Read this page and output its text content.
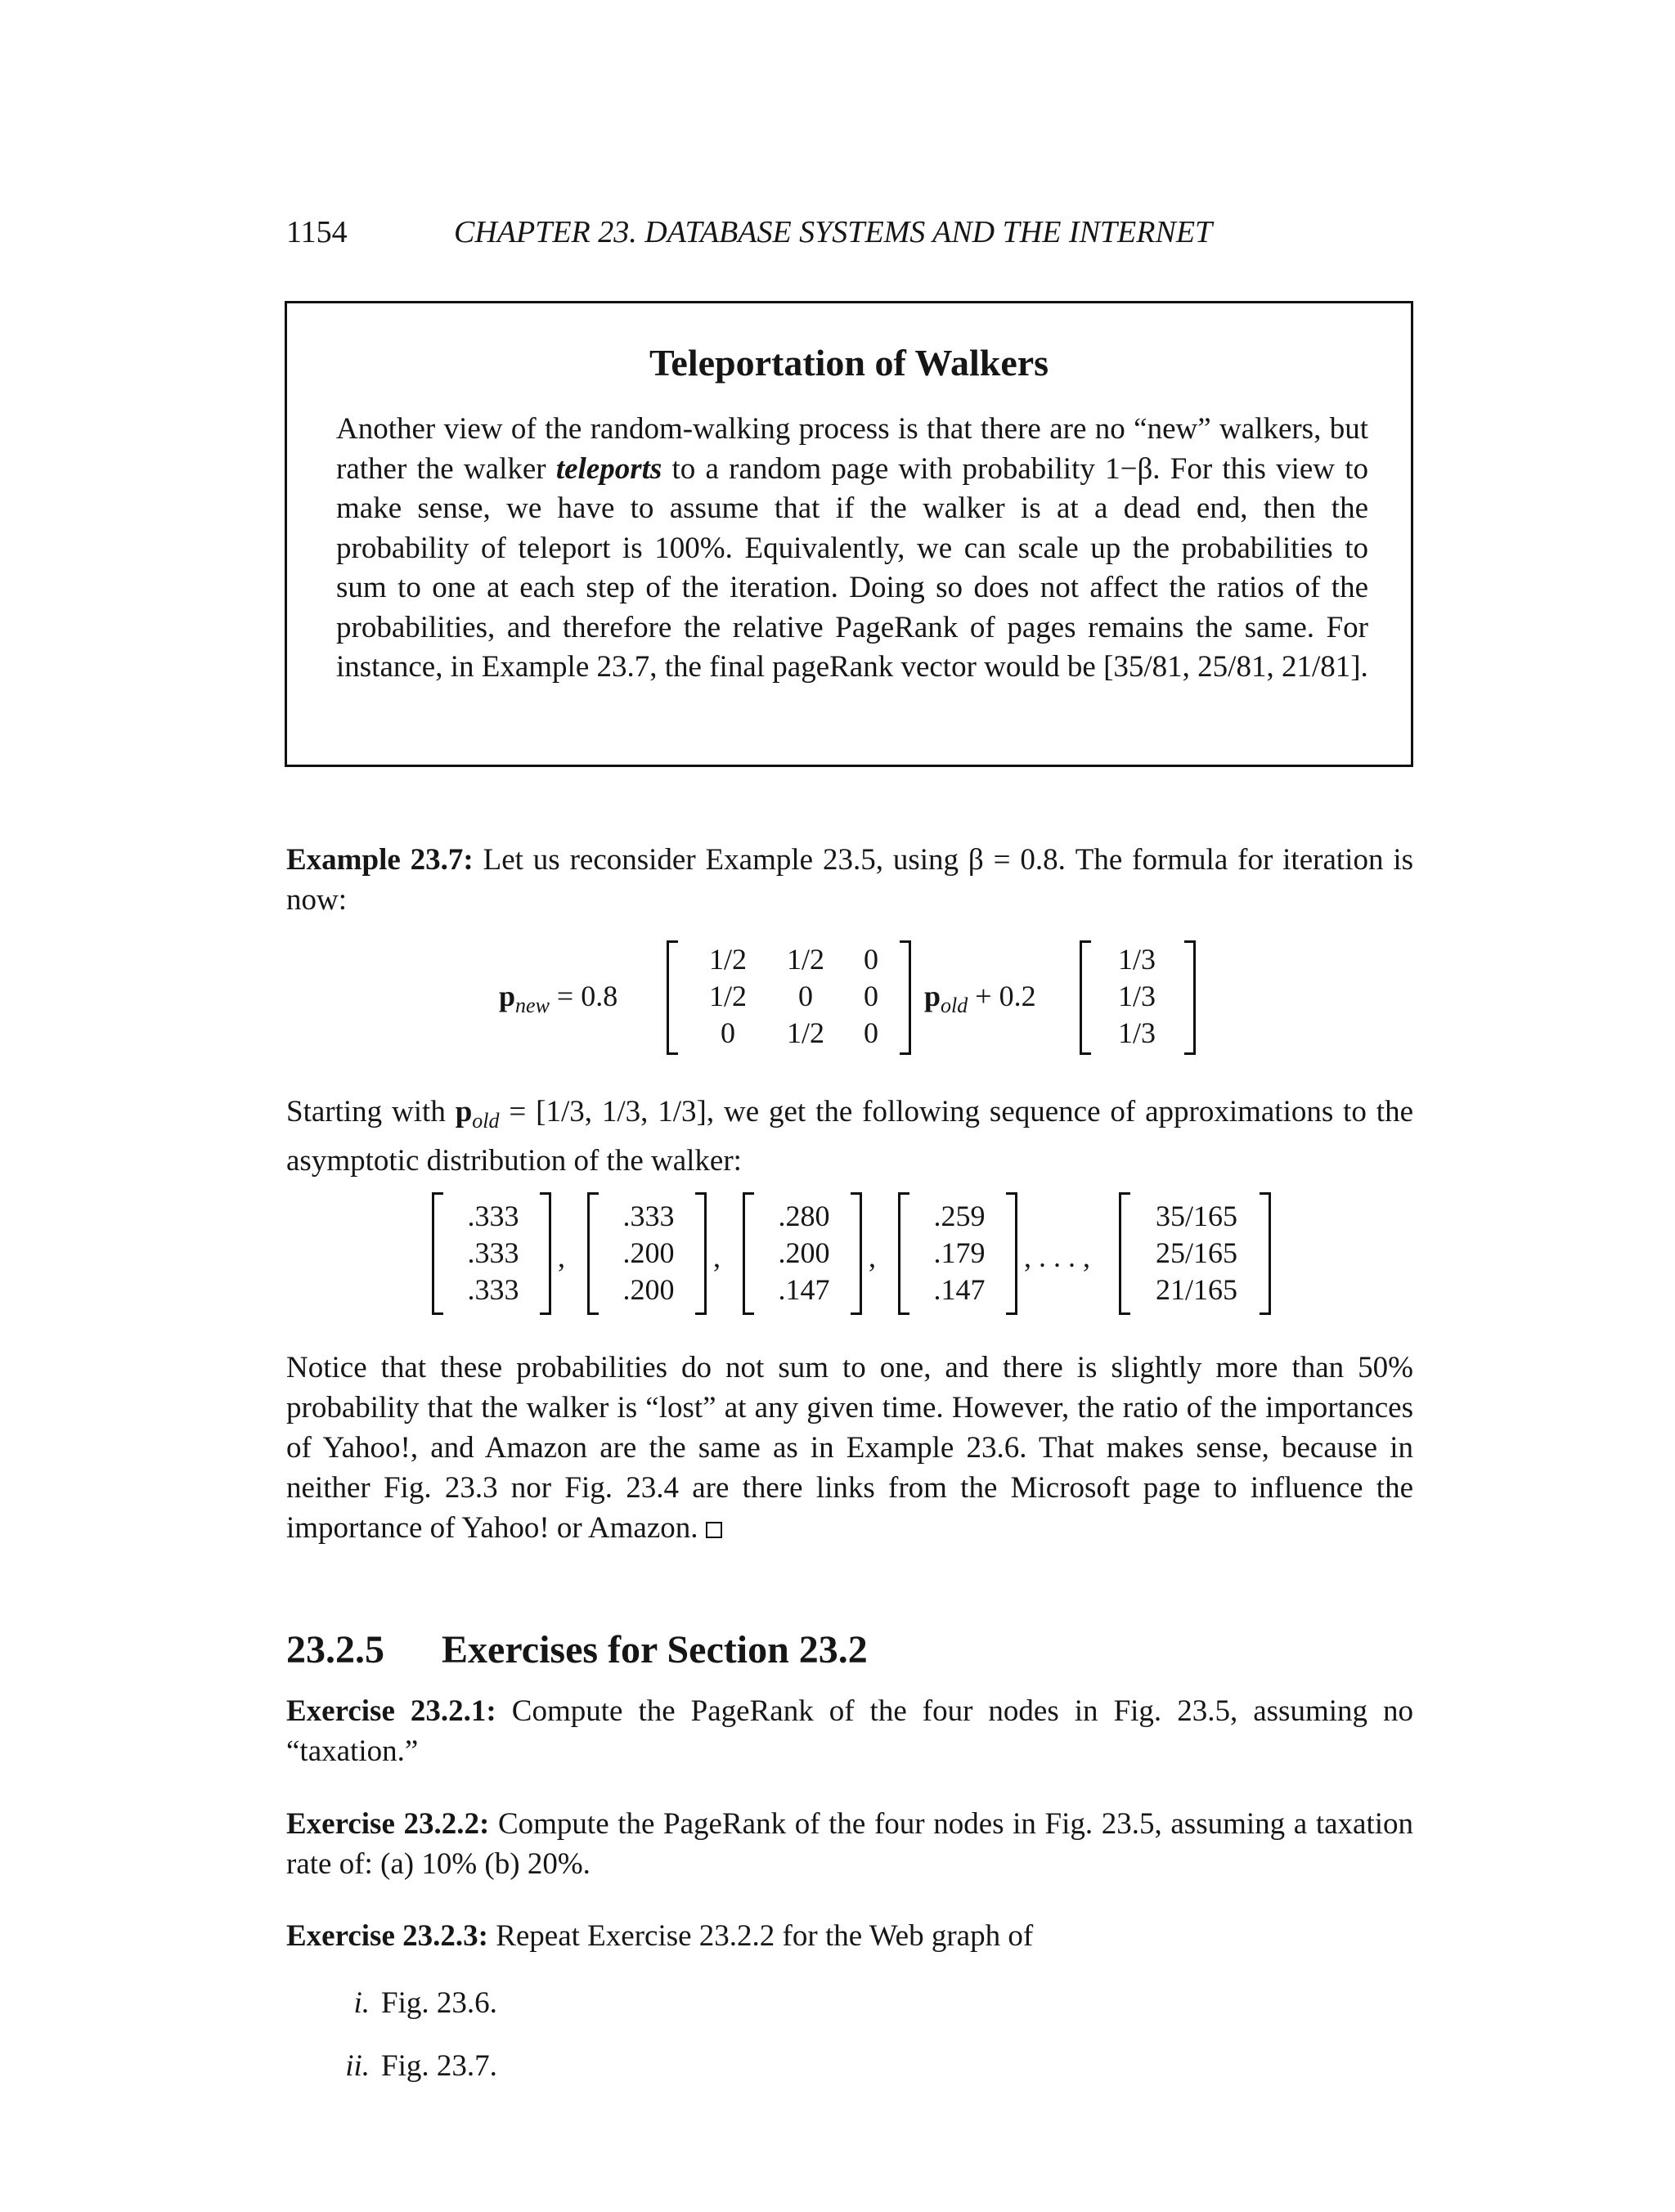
1154	CHAPTER 23. DATABASE SYSTEMS AND THE INTERNET
Teleportation of Walkers
Another view of the random-walking process is that there are no “new” walkers, but rather the walker teleports to a random page with probability 1−β. For this view to make sense, we have to assume that if the walker is at a dead end, then the probability of teleport is 100%. Equivalently, we can scale up the probabilities to sum to one at each step of the iteration. Doing so does not affect the ratios of the probabilities, and therefore the relative PageRank of pages remains the same. For instance, in Example 23.7, the final pageRank vector would be [35/81, 25/81, 21/81].
Example 23.7: Let us reconsider Example 23.5, using β = 0.8. The formula for iteration is now:
$p_{new} = 0.8$
1/2	1/2	0
1/2	0	0
0	1/2	0
$p_{old} + 0.2$
1/3
1/3
1/3
Starting with $p_{old} = [1/3$, 1/3, 1/3], we get the following sequence of approximations to the asymptotic distribution of the walker:
.333
.333
.333
,
.333
.200
.200
,
.280
.200
.147
,
.259
.179
.147
, . . . ,
35/165
25/165
21/165
Notice that these probabilities do not sum to one, and there is slightly more than 50% probability that the walker is “lost” at any given time. However, the ratio of the importances of Yahoo!, and Amazon are the same as in Example 23.6. That makes sense, because in neither Fig. 23.3 nor Fig. 23.4 are there links from the Microsoft page to influence the importance of Yahoo! or Amazon.
23.2.5 Exercises for Section 23.2
Exercise 23.2.1: Compute the PageRank of the four nodes in Fig. 23.5, assuming no “taxation.”
Exercise 23.2.2: Compute the PageRank of the four nodes in Fig. 23.5, assuming a taxation rate of: (a) 10% (b) 20%.
Exercise 23.2.3: Repeat Exercise 23.2.2 for the Web graph of
i. Fig. 23.6.
ii. Fig. 23.7.
